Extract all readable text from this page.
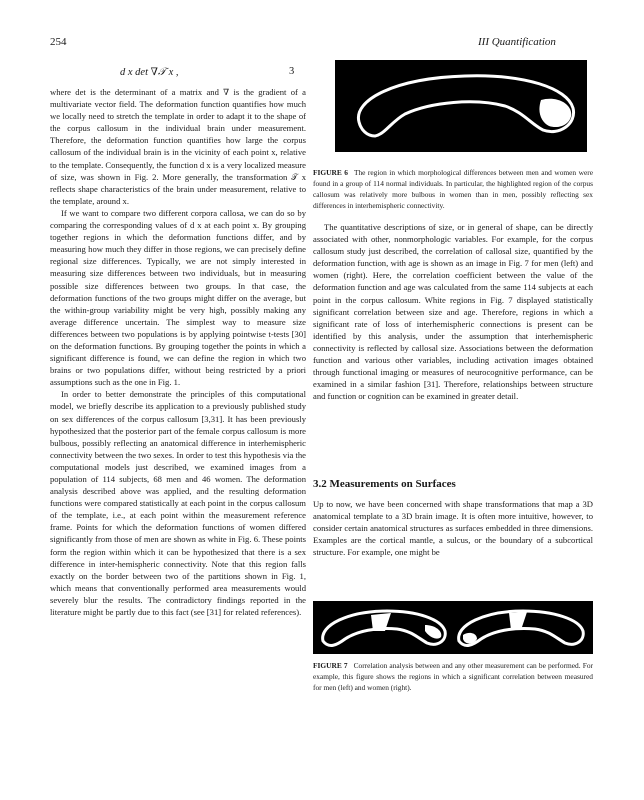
254	III Quantification
d x det ∇𝒯 x ,	3

where det is the determinant of a matrix and ∇ is the gradient of a multivariate vector field. The deformation function quantifies how much we locally need to stretch the template in order to adapt it to the shape of the corpus callosum in the individual brain under measurement. Therefore, the deformation function quantifies how large the corpus callosum of the individual brain is in the vicinity of each point x, relative to the template. Consequently, the function d x is a very localized measure of size, was shown in Fig. 2. More generally, the transformation 𝒯 x reflects shape characteristics of the brain under measurement, relative to the template, around x.

If we want to compare two different corpora callosa, we can do so by comparing the corresponding values of d x at each point x. By grouping together regions in which the deformation functions differ, and by measuring how much they differ in those regions, we can precisely define regional size differences. Typically, we are not simply interested in measuring size differences between two individuals, but in measuring possible size differences between two groups. In that case, the deformation functions of the two groups might differ on the average, but the within-group variability might be very high, possibly making any average difference uncertain. The simplest way to measure size differences between two populations is by applying pointwise t-tests [30] on the deformation functions. By grouping together the points in which a significant difference is found, we can define the region in which two brains or two populations differ, without being restricted by a priori assumptions such as the one in Fig. 1.

In order to better demonstrate the principles of this computational model, we briefly describe its application to a previously published study on sex differences of the corpus callosum [3,31]. It has been previously hypothesized that the posterior part of the female corpus callosum is more bulbous, possibly reflecting an anatomical difference in interhemispheric connectivity between the two sexes. In order to test this hypothesis via the computational models just described, we examined images from a population of 114 subjects, 68 men and 46 women. The deformation analysis described above was applied, and the resulting deformation functions were compared statistically at each point in the corpus callosum of the template, i.e., at each point within the measurement reference frame. Points for which the deformation functions of women differed significantly from those of men are shown as white in Fig. 6. These points form the region within which it can be hypothesized that there is a sex difference in inter-hemispheric connectivity. Note that this region falls exactly on the border between two of the partitions shown in Fig. 1, which means that conventionally performed area measurements would severely blur the results. The contradictory findings reported in the literature might be partly due to this fact (see [31] for related references).

FIGURE 6 The region in which morphological differences between men and women were found in a group of 114 normal individuals. In particular, the highlighted region of the corpus callosum was relatively more bulbous in women than in men, possibly reflecting sex differences in interhemispheric connectivity.

The quantitative descriptions of size, or in general of shape, can be directly associated with other, nonmorphologic variables. For example, for the corpus callosum study just described, the correlation of callosal size, quantified by the deformation function, with age is shown as an image in Fig. 7 for men (left) and women (right). Here, the correlation coefficient between the value of the deformation function and age was calculated from the same 114 subjects at each point in the corpus callosum. White regions in Fig. 7 displayed statistically significant correlation between size and age. Therefore, regions in which a significant rate of loss of interhemispheric connections is present can be identified by this analysis, under the assumption that interhemispheric connectivity is reflected by callosal size. Associations between the deformation function and various other variables, including activation images obtained through functional imaging or measures of neurocognitive performance, can be examined in a similar fashion [31]. Therefore, relationships between structure and function or cognition can be examined in greater detail.

3.2 Measurements on Surfaces

Up to now, we have been concerned with shape transformations that map a 3D anatomical template to a 3D brain image. It is often more intuitive, however, to consider certain anatomical structures as surfaces embedded in three dimensions. Examples are the cortical mantle, a sulcus, or the boundary of a subcortical structure. For example, one might be

FIGURE 7 Correlation analysis between and any other measurement can be performed. For example, this figure shows the regions in which a significant correlation between measured for men (left) and women (right).
